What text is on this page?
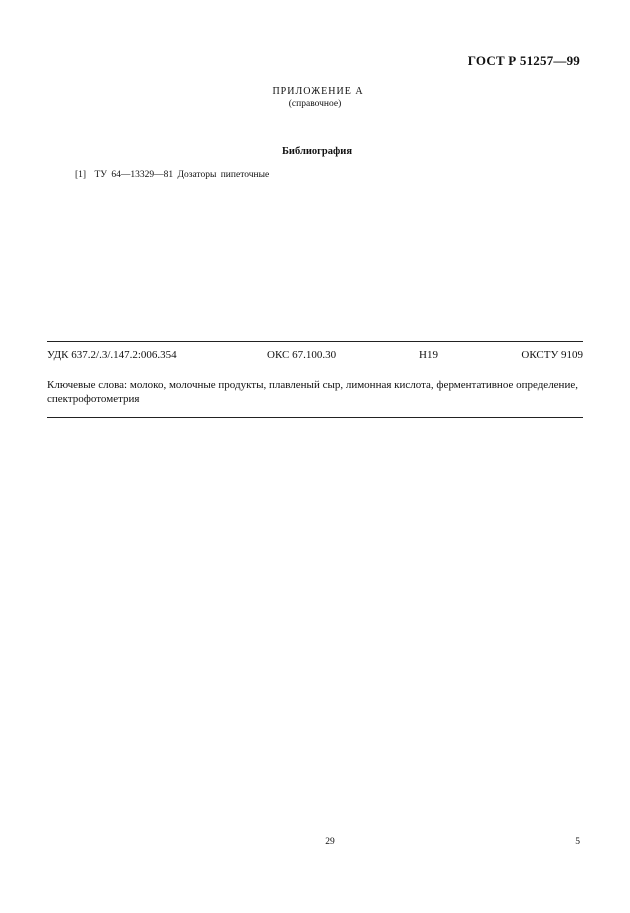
ГОСТ Р 51257—99
ПРИЛОЖЕНИЕ А
(справочное)
Библиография
[1] ТУ 64—13329—81 Дозаторы пипеточные
УДК 637.2/.3/.147.2:006.354	ОКС 67.100.30	Н19	ОКСТУ 9109
Ключевые слова: молоко, молочные продукты, плавленый сыр, лимонная кислота, ферментативное определение, спектрофотометрия
29	5
